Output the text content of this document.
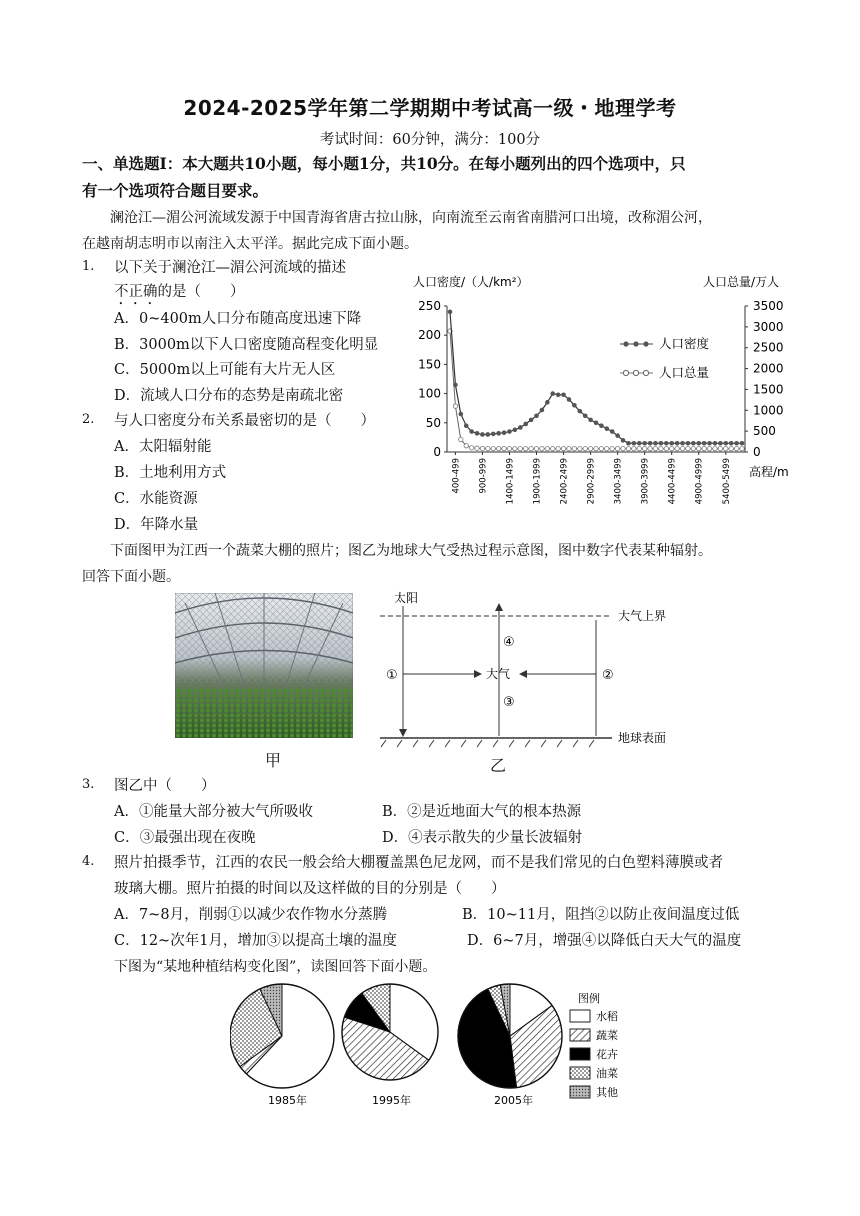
2024-2025学年第二学期期中考试高一级・地理学考
考试时间：60分钟，满分：100分
一、单选题Ⅰ：本大题共10小题，每小题1分，共10分。在每小题列出的四个选项中，只
有一个选项符合题目要求。
澜沧江—湄公河流域发源于中国青海省唐古拉山脉，向南流至云南省南腊河口出境，改称湄公河，
在越南胡志明市以南注入太平洋。据此完成下面小题。
1. 以下关于澜沧江—湄公河流域的描述
不正确的是（　　）
A．0~400m人口分布随高度迅速下降
B．3000m以下人口密度随高程变化明显
C．5000m以上可能有大片无人区
D．流域人口分布的态势是南疏北密
2. 与人口密度分布关系最密切的是（　　）
A．太阳辐射能
B．土地利用方式
C．水能资源
D．年降水量
人口密度/（人/km²）	人口总量/万人
250
200
150
100
50
0
3500
3000
2500
2000
1500
1000
500
0
400-499 900-999 1400-1499 1900-1999 2400-2499 2900-2999 3400-3499 3900-3999 4400-4499 4900-4999 5400-5499
人口密度
人口总量
高程/m
下面图甲为江西一个蔬菜大棚的照片；图乙为地球大气受热过程示意图，图中数字代表某种辐射。
回答下面小题。
甲
太阳
大气上界
地球表面
①	②
③
④
大气
乙
3. 图乙中（　　）
A．①能量大部分被大气所吸收	B．②是近地面大气的根本热源
C．③最强出现在夜晚	D．④表示散失的少量长波辐射
4. 照片拍摄季节，江西的农民一般会给大棚覆盖黑色尼龙网，而不是我们常见的白色塑料薄膜或者
玻璃大棚。照片拍摄的时间以及这样做的目的分别是（　　）
A．7~8月，削弱①以减少农作物水分蒸腾	B．10~11月，阻挡②以防止夜间温度过低
C．12~次年1月，增加③以提高土壤的温度	D．6~7月，增强④以降低白天大气的温度
下图为“某地种植结构变化图”，读图回答下面小题。
1985年	1995年	2005年
图例
水稻
蔬菜
花卉
油菜
其他
